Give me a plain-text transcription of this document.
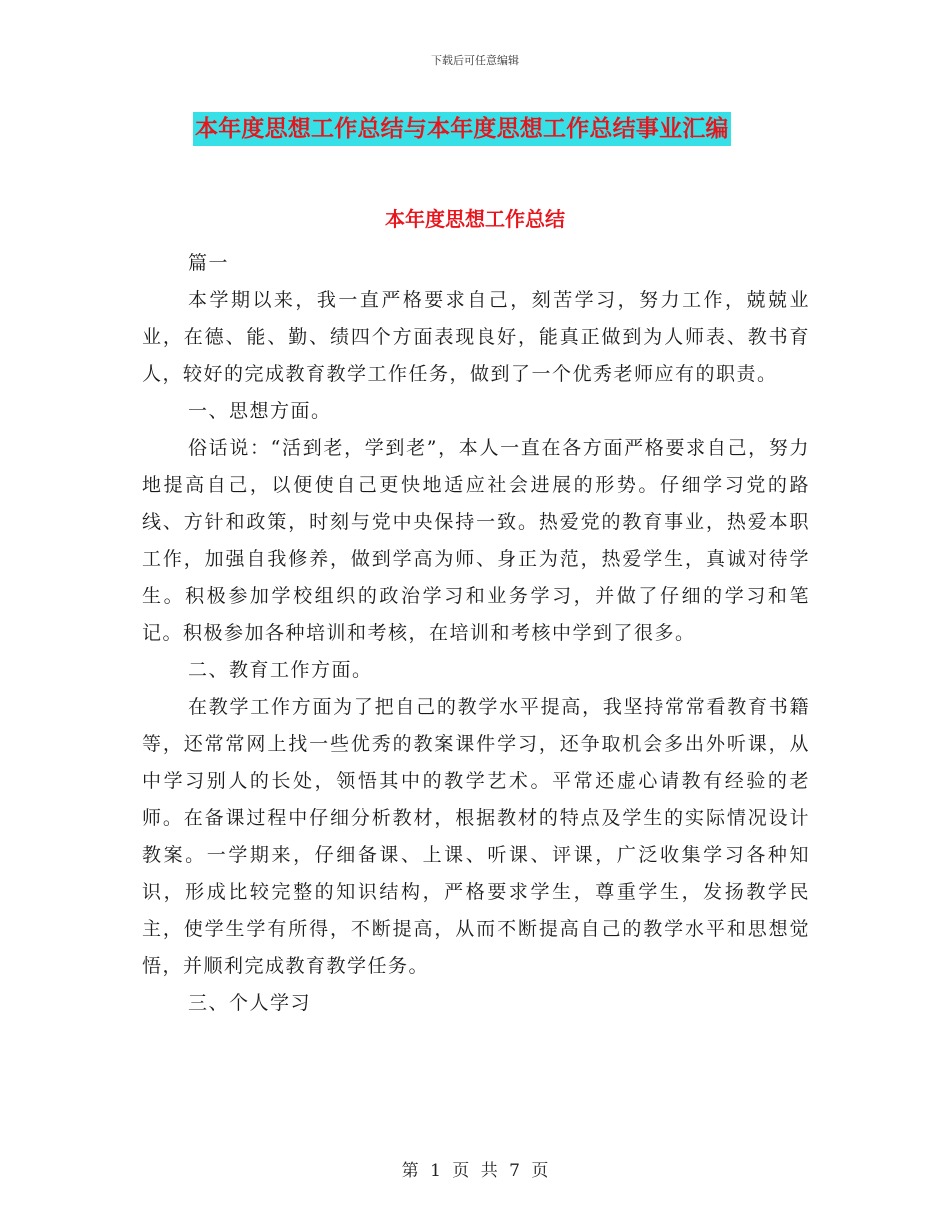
下载后可任意编辑
本年度思想工作总结与本年度思想工作总结事业汇编
本年度思想工作总结

篇一

本学期以来，我一直严格要求自己，刻苦学习，努力工作，兢兢业业，在德、能、勤、绩四个方面表现良好，能真正做到为人师表、教书育人，较好的完成教育教学工作任务，做到了一个优秀老师应有的职责。

一、思想方面。

俗话说：“活到老，学到老”，本人一直在各方面严格要求自己，努力地提高自己，以便使自己更快地适应社会进展的形势。仔细学习党的路线、方针和政策，时刻与党中央保持一致。热爱党的教育事业，热爱本职工作，加强自我修养，做到学高为师、身正为范，热爱学生，真诚对待学生。积极参加学校组织的政治学习和业务学习，并做了仔细的学习和笔记。积极参加各种培训和考核，在培训和考核中学到了很多。

二、教育工作方面。

在教学工作方面为了把自己的教学水平提高，我坚持常常看教育书籍等，还常常网上找一些优秀的教案课件学习，还争取机会多出外听课，从中学习别人的长处，领悟其中的教学艺术。平常还虚心请教有经验的老师。在备课过程中仔细分析教材，根据教材的特点及学生的实际情况设计教案。一学期来，仔细备课、上课、听课、评课，广泛收集学习各种知识，形成比较完整的知识结构，严格要求学生，尊重学生，发扬教学民主，使学生学有所得，不断提高，从而不断提高自己的教学水平和思想觉悟，并顺利完成教育教学任务。

三、个人学习

第 1 页 共 7 页
